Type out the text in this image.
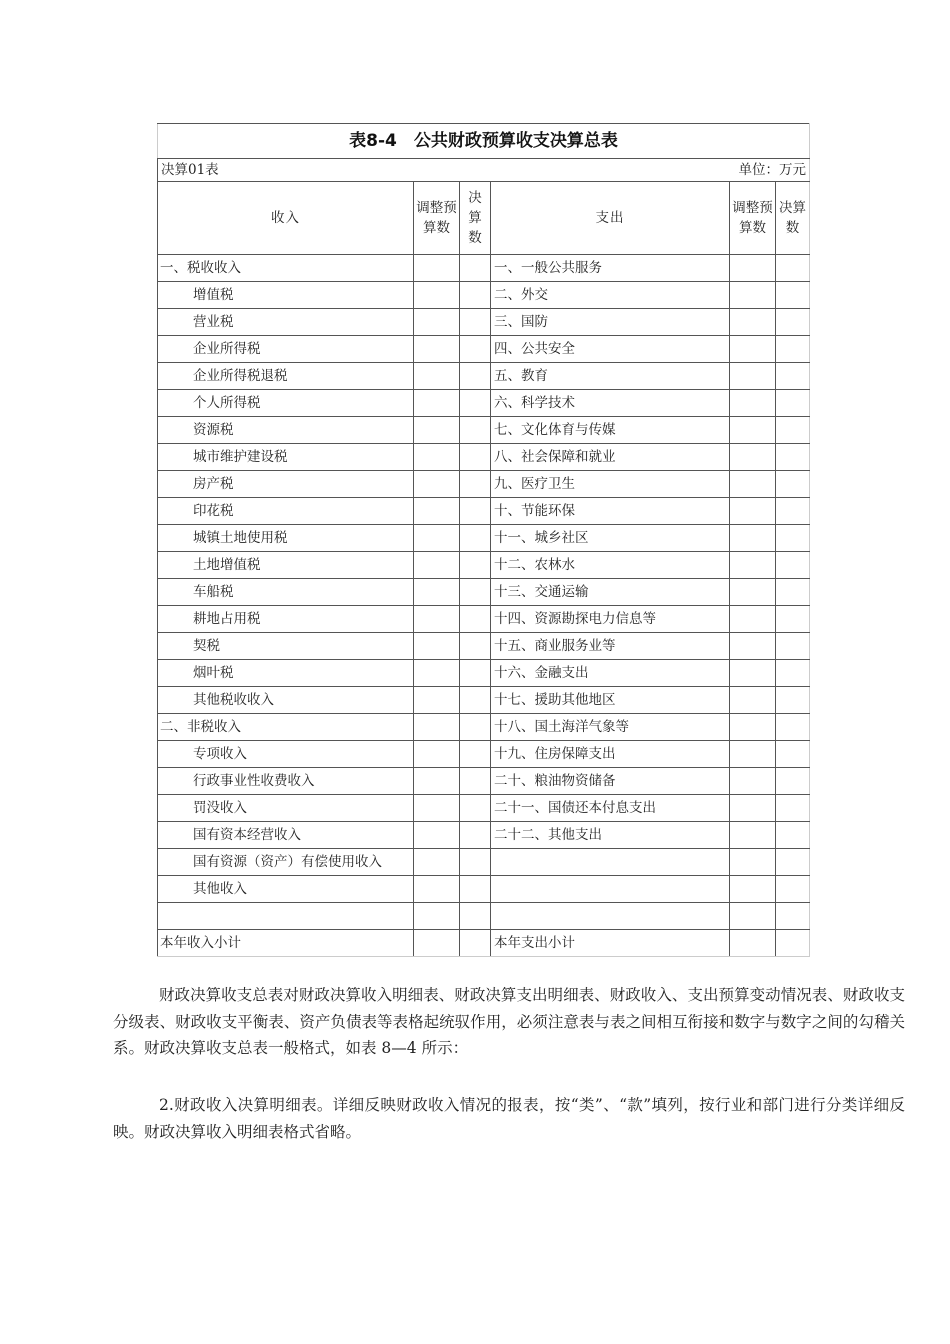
表8-4　公共财政预算收支决算总表					
决算01表			单位：万元		
收入	调整预算数	决算数	支出	调整预算数	决算数
一、税收收入			一、一般公共服务		
增值税			二、外交		
营业税			三、国防		
企业所得税			四、公共安全		
企业所得税退税			五、教育		
个人所得税			六、科学技术		
资源税			七、文化体育与传媒		
城市维护建设税			八、社会保障和就业		
房产税			九、医疗卫生		
印花税			十、节能环保		
城镇土地使用税			十一、城乡社区		
土地增值税			十二、农林水		
车船税			十三、交通运输		
耕地占用税			十四、资源勘探电力信息等		
契税			十五、商业服务业等		
烟叶税			十六、金融支出		
其他税收收入			十七、援助其他地区		
二、非税收入			十八、国土海洋气象等		
专项收入			十九、住房保障支出		
行政事业性收费收入			二十、粮油物资储备		
罚没收入			二十一、国债还本付息支出		
国有资本经营收入			二十二、其他支出		
国有资源（资产）有偿使用收入					
其他收入					

本年收入小计			本年支出小计		
财政决算收支总表对财政决算收入明细表、财政决算支出明细表、财政收入、支出预算变动情况表、财政收支分级表、财政收支平衡表、资产负债表等表格起统驭作用，必须注意表与表之间相互衔接和数字与数字之间的勾稽关系。财政决算收支总表一般格式，如表 8—4 所示：
2.财政收入决算明细表。详细反映财政收入情况的报表，按“类”、“款”填列，按行业和部门进行分类详细反映。财政决算收入明细表格式省略。
